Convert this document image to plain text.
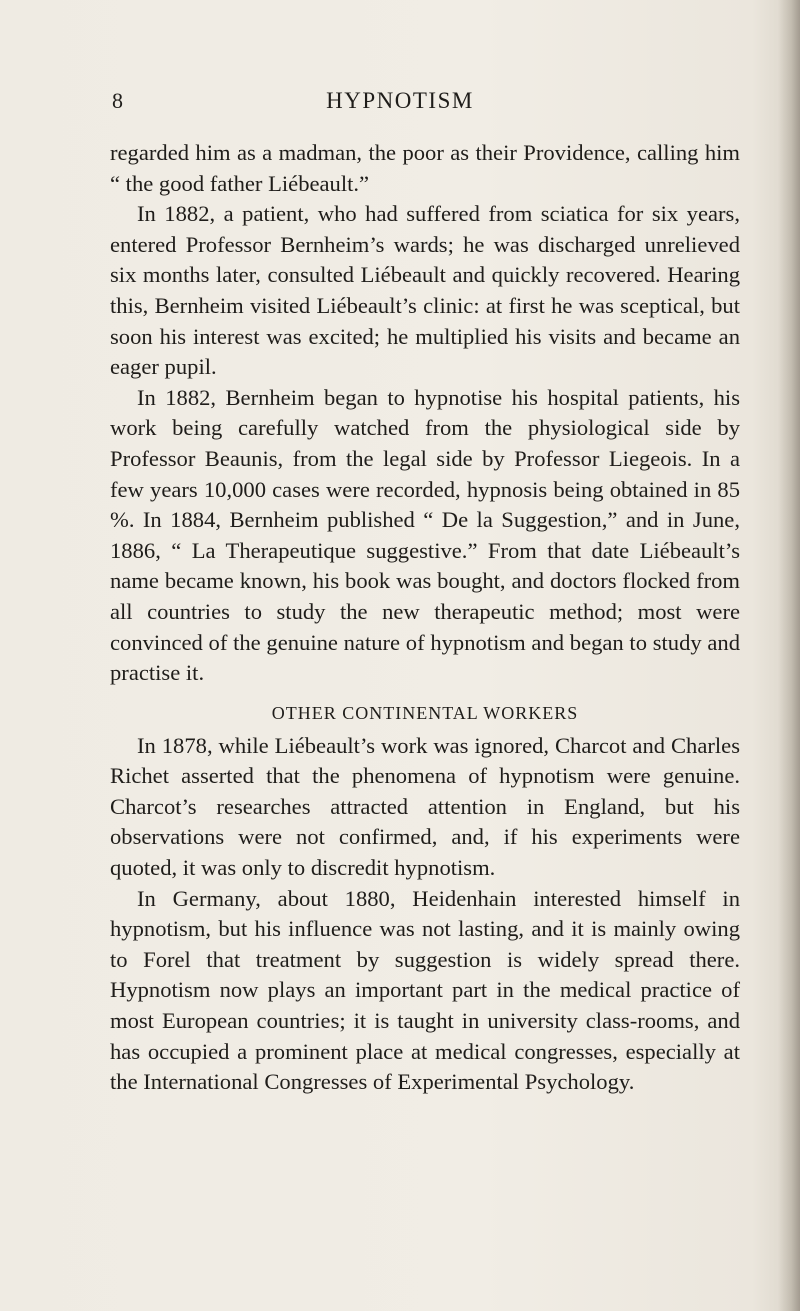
8	HYPNOTISM

regarded him as a madman, the poor as their Providence, calling him “ the good father Liébeault.”

In 1882, a patient, who had suffered from sciatica for six years, entered Professor Bernheim’s wards; he was discharged unrelieved six months later, consulted Liébeault and quickly recovered. Hearing this, Bernheim visited Liébeault’s clinic: at first he was sceptical, but soon his interest was excited; he multiplied his visits and became an eager pupil.

In 1882, Bernheim began to hypnotise his hospital patients, his work being carefully watched from the physiological side by Professor Beaunis, from the legal side by Professor Liegeois. In a few years 10,000 cases were recorded, hypnosis being obtained in 85 %. In 1884, Bernheim published “ De la Suggestion,” and in June, 1886, “ La Therapeutique suggestive.” From that date Liébeault’s name became known, his book was bought, and doctors flocked from all countries to study the new therapeutic method; most were convinced of the genuine nature of hypnotism and began to study and practise it.

OTHER CONTINENTAL WORKERS

In 1878, while Liébeault’s work was ignored, Charcot and Charles Richet asserted that the phenomena of hypnotism were genuine. Charcot’s researches attracted attention in England, but his observations were not confirmed, and, if his experiments were quoted, it was only to discredit hypnotism.

In Germany, about 1880, Heidenhain interested himself in hypnotism, but his influence was not lasting, and it is mainly owing to Forel that treatment by suggestion is widely spread there. Hypnotism now plays an important part in the medical practice of most European countries; it is taught in university class-rooms, and has occupied a prominent place at medical congresses, especially at the International Congresses of Experimental Psychology.
